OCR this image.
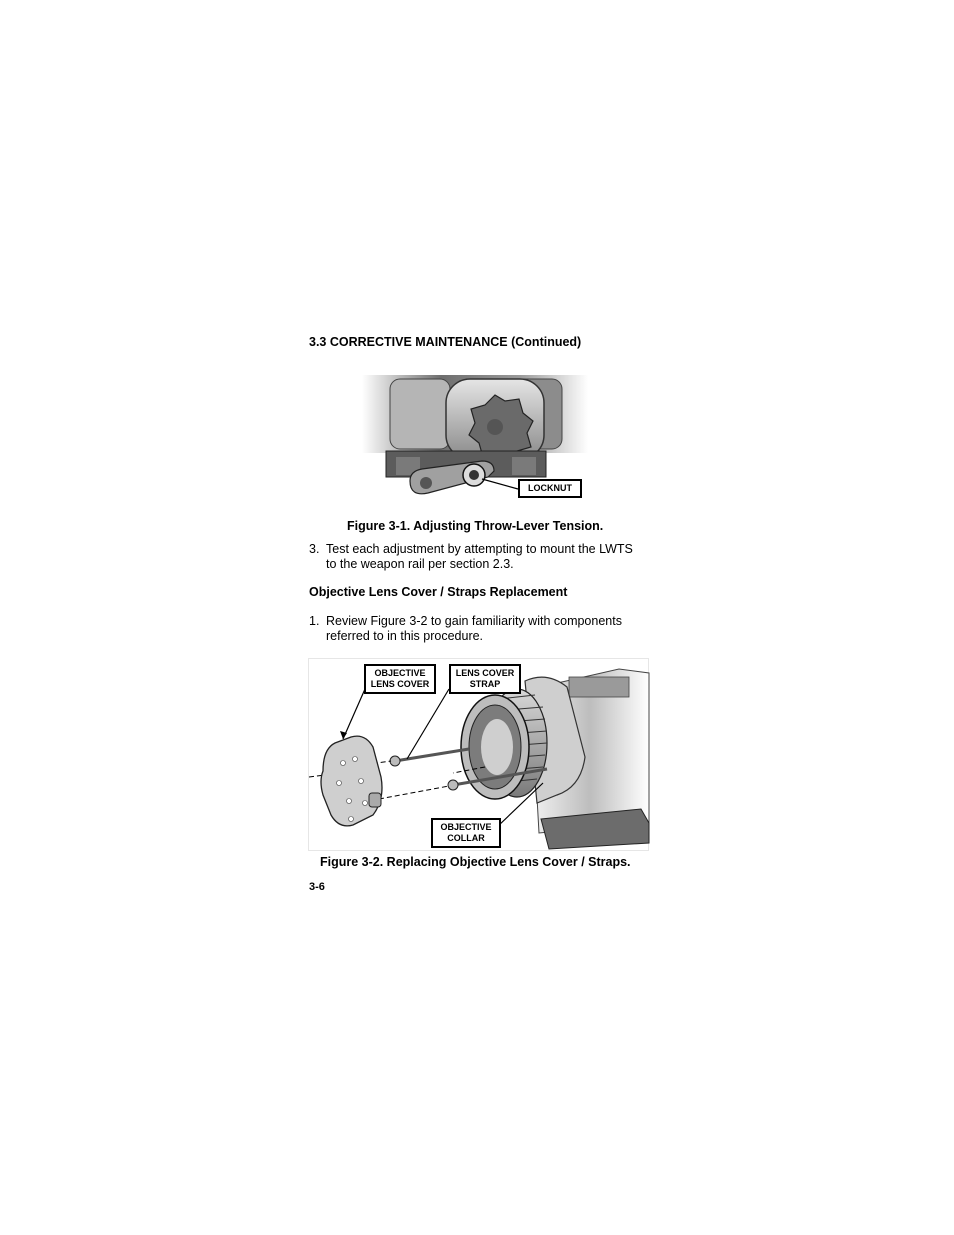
3.3 CORRECTIVE MAINTENANCE (Continued)
LOCKNUT
Figure 3-1. Adjusting Throw-Lever Tension.
3. Test each adjustment by attempting to mount the LWTS
to the weapon rail per section 2.3.
Objective Lens Cover / Straps Replacement
1. Review Figure 3-2 to gain familiarity with components
referred to in this procedure.
OBJECTIVE
LENS COVER
LENS COVER
STRAP
OBJECTIVE
COLLAR
Figure 3-2. Replacing Objective Lens Cover / Straps.
3-6
